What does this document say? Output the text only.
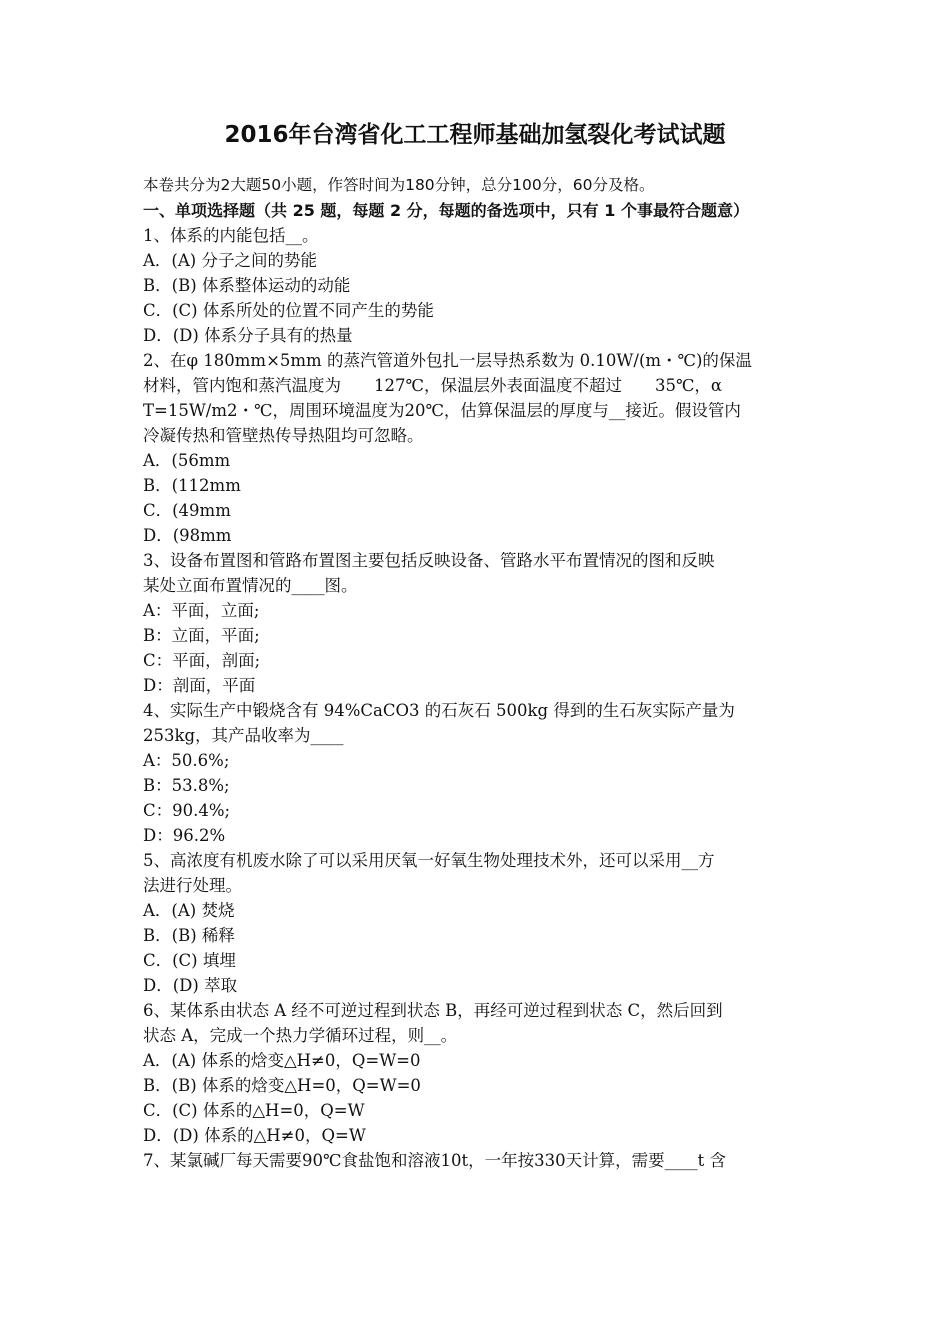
2016年台湾省化工工程师基础加氢裂化考试试题
本卷共分为2大题50小题，作答时间为180分钟，总分100分，60分及格。
一、单项选择题（共 25 题，每题 2 分，每题的备选项中，只有 1 个事最符合题意）
1、体系的内能包括__。
A．(A) 分子之间的势能
B．(B) 体系整体运动的动能
C．(C) 体系所处的位置不同产生的势能
D．(D) 体系分子具有的热量
2、在φ 180mm×5mm 的蒸汽管道外包扎一层导热系数为 0.10W/(m・℃)的保温
材料，管内饱和蒸汽温度为　　127℃，保温层外表面温度不超过　　35℃，α
T=15W/m2・℃，周围环境温度为20℃，估算保温层的厚度与__接近。假设管内
冷凝传热和管壁热传导热阻均可忽略。
A．(56mm
B．(112mm
C．(49mm
D．(98mm
3、设备布置图和管路布置图主要包括反映设备、管路水平布置情况的图和反映
某处立面布置情况的____图。
A：平面，立面;
B：立面，平面;
C：平面，剖面;
D：剖面，平面
4、实际生产中锻烧含有 94%CaCO3 的石灰石 500kg 得到的生石灰实际产量为
253kg，其产品收率为____
A：50.6%;
B：53.8%;
C：90.4%;
D：96.2%
5、高浓度有机废水除了可以采用厌氧一好氧生物处理技术外，还可以采用__方
法进行处理。
A．(A) 焚烧
B．(B) 稀释
C．(C) 填埋
D．(D) 萃取
6、某体系由状态 A 经不可逆过程到状态 B，再经可逆过程到状态 C，然后回到
状态 A，完成一个热力学循环过程，则__。
A．(A) 体系的焓变△H≠0，Q=W=0
B．(B) 体系的焓变△H=0，Q=W=0
C．(C) 体系的△H=0，Q=W
D．(D) 体系的△H≠0，Q=W
7、某氯碱厂每天需要90℃食盐饱和溶液10t，一年按330天计算，需要____t 含
